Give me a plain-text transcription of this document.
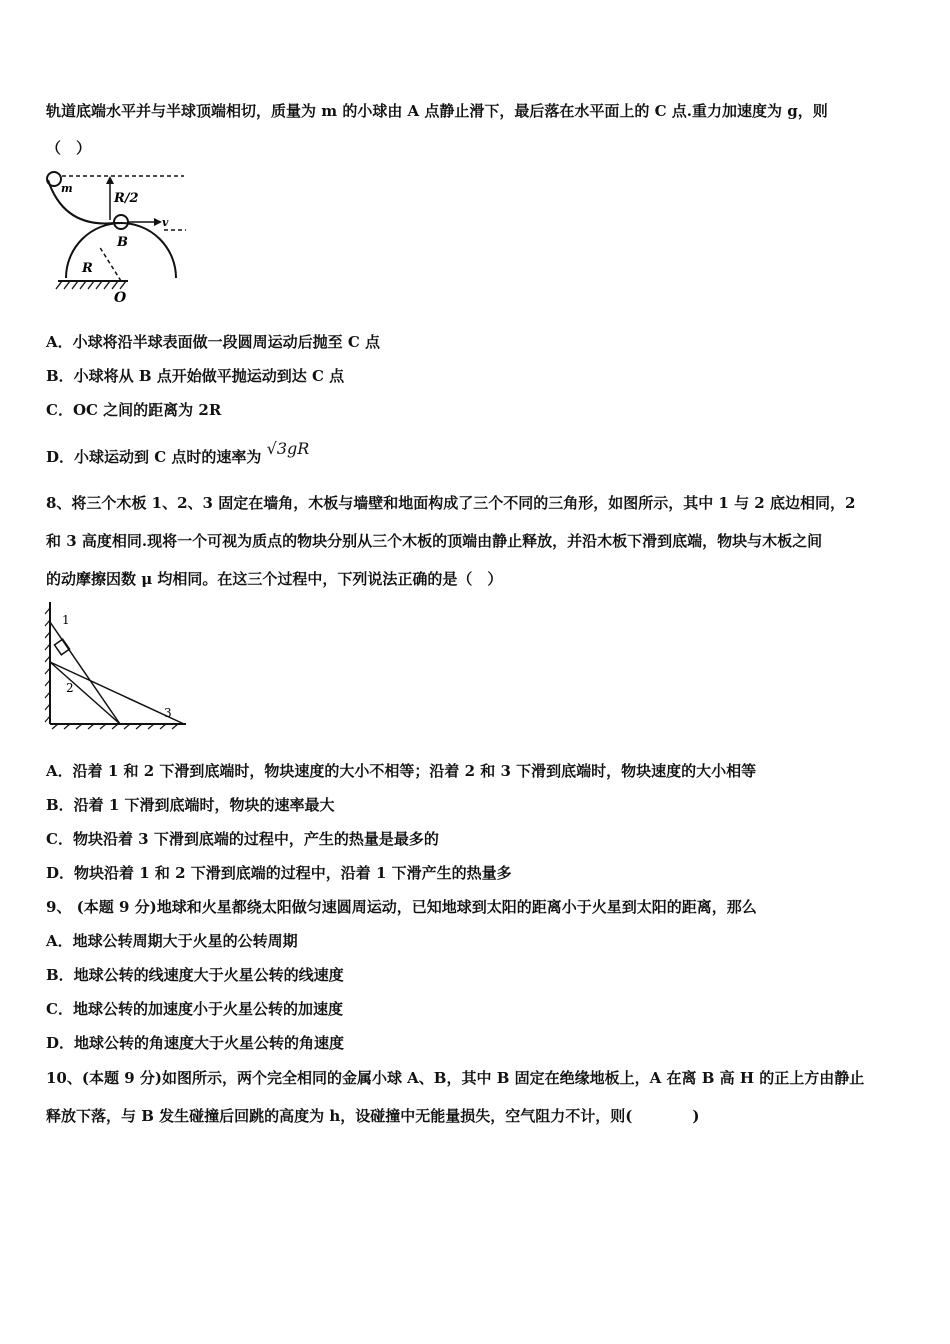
轨道底端水平并与半球顶端相切，质量为 m 的小球由 A 点静止滑下，最后落在水平面上的 C 点.重力加速度为 g，则
（　）
m
R/2
v
B
R
O
A．小球将沿半球表面做一段圆周运动后抛至 C 点
B．小球将从 B 点开始做平抛运动到达 C 点
C．OC 之间的距离为 2R
D．小球运动到 C 点时的速率为 √3gR
8、将三个木板 1、2、3 固定在墙角，木板与墙壁和地面构成了三个不同的三角形，如图所示，其中 1 与 2 底边相同，2
和 3 高度相同.现将一个可视为质点的物块分别从三个木板的顶端由静止释放，并沿木板下滑到底端，物块与木板之间
的动摩擦因数 μ 均相同。在这三个过程中，下列说法正确的是（　）
1
2
3
A．沿着 1 和 2 下滑到底端时，物块速度的大小不相等；沿着 2 和 3 下滑到底端时，物块速度的大小相等
B．沿着 1 下滑到底端时，物块的速率最大
C．物块沿着 3 下滑到底端的过程中，产生的热量是最多的
D．物块沿着 1 和 2 下滑到底端的过程中，沿着 1 下滑产生的热量多
9、 (本题 9 分)地球和火星都绕太阳做匀速圆周运动，已知地球到太阳的距离小于火星到太阳的距离，那么
A．地球公转周期大于火星的公转周期
B．地球公转的线速度大于火星公转的线速度
C．地球公转的加速度小于火星公转的加速度
D．地球公转的角速度大于火星公转的角速度
10、(本题 9 分)如图所示，两个完全相同的金属小球 A、B，其中 B 固定在绝缘地板上，A 在离 B 高 H 的正上方由静止
释放下落，与 B 发生碰撞后回跳的高度为 h，设碰撞中无能量损失，空气阻力不计，则(　　　　)
